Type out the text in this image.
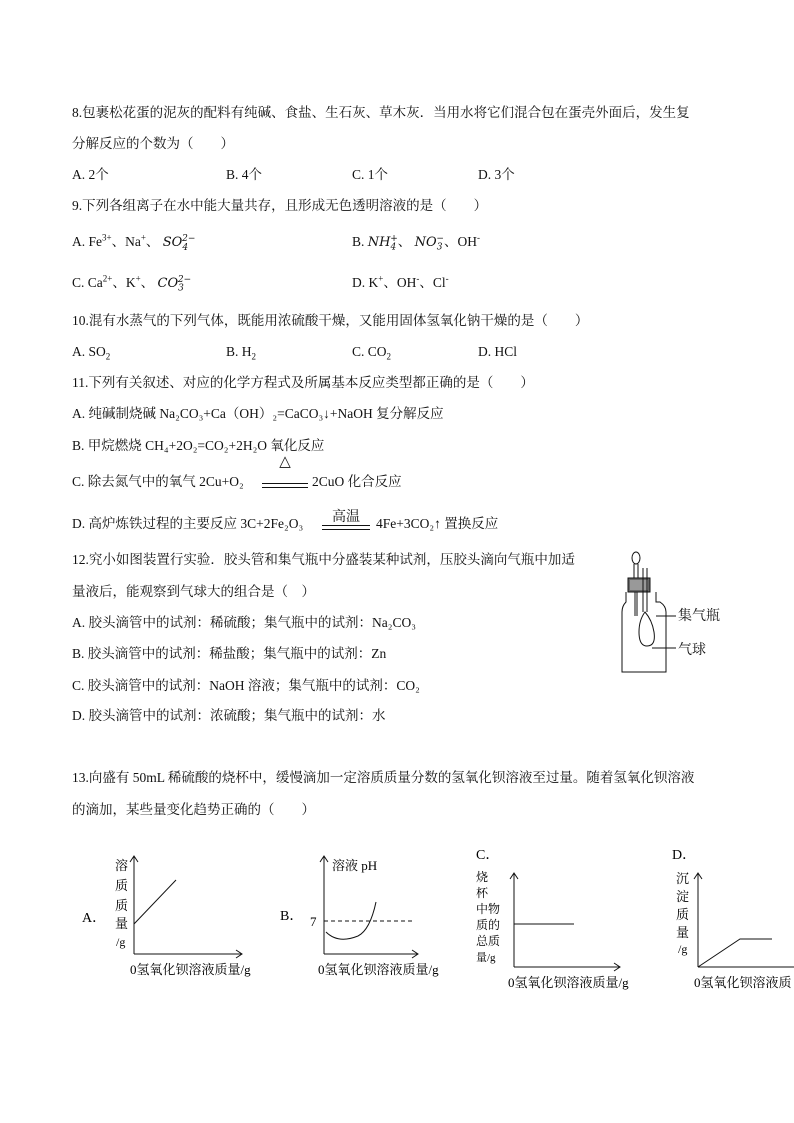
8.包裹松花蛋的泥灰的配料有纯碱、食盐、生石灰、草木灰．当用水将它们混合包在蛋壳外面后，发生复
分解反应的个数为（　　）
A. 2个	B. 4个	C. 1个	D. 3个
9.下列各组离子在水中能大量共存，且形成无色透明溶液的是（　　）
A. $Fe^{3+}$、Na+、 $SO_4^{2-}$	B. $NH_4^+$、 $NO_3^-$、OH-
C. $Ca^{2+}$、K+、 $CO_3^{2-}$	D. K+、OH-、Cl-
10.混有水蒸气的下列气体，既能用浓硫酸干燥，又能用固体氢氧化钠干燥的是（　　）
A. $SO_2$	B. $H_2$	C. $CO_2$	D. HCl
11.下列有关叙述、对应的化学方程式及所属基本反应类型都正确的是（　　）
A. 纯碱制烧碱 Na₂CO₃+Ca（OH）₂=CaCO₃↓+NaOH 复分解反应
B. 甲烷燃烧 CH₄+2O₂=CO₂+2H₂O 氧化反应
C. 除去氮气中的氧气 2Cu+O₂
△
2CuO 化合反应
D. 高炉炼铁过程的主要反应 3C+2Fe₂O₃	高温	4Fe+3CO₂↑ 置换反应
12.究小如图装置行实验．胶头管和集气瓶中分盛装某种试剂，压胶头滴向气瓶中加适
量液后，能观察到气球大的组合是（　）
A. 胶头滴管中的试剂：稀硫酸；集气瓶中的试剂：Na₂CO₃
B. 胶头滴管中的试剂：稀盐酸；集气瓶中的试剂：Zn
C. 胶头滴管中的试剂：NaOH 溶液；集气瓶中的试剂：CO₂
D. 胶头滴管中的试剂：浓硫酸；集气瓶中的试剂：水
集气瓶
气球
13.向盛有 50mL 稀硫酸的烧杯中，缓慢滴加一定溶质质量分数的氢氧化钡溶液至过量。随着氢氧化钡溶液
的滴加，某些量变化趋势正确的（　　）
A．
溶
质
质
量
/g
0氢氧化钡溶液质量/g
B．
溶液 pH
7
0氢氧化钡溶液质量/g
C．
烧
杯
中 物
质 的
总 质
量/g
0氢氧化钡溶液质量/g
D．
沉
淀
质
量
/g
0氢氧化钡溶液质
